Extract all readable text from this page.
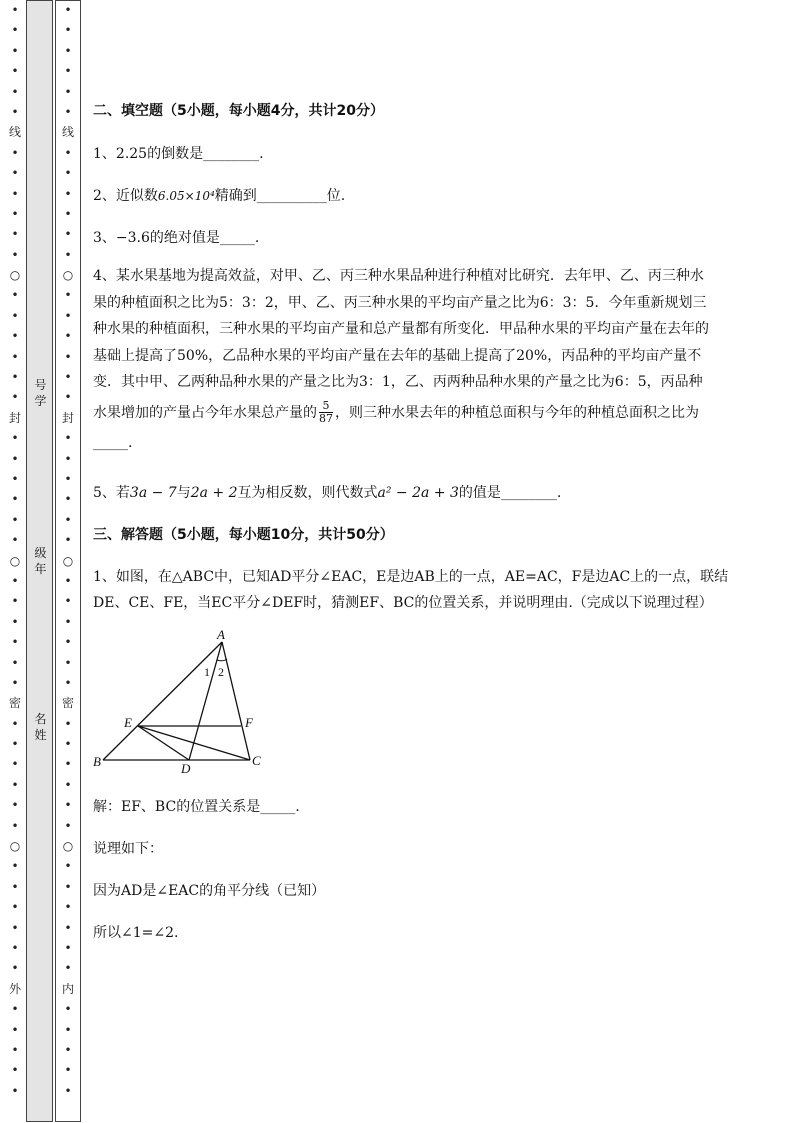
•
•
•
•
•
•
线
•
•
•
•
•
•
○
•
•
•
•
•
•
封
•
•
•
•
•
•
○
•
•
•
•
•
•
密
•
•
•
•
•
•
○
•
•
•
•
•
•
外
•
•
•
•
•
号
学
级
年
名
姓
•
•
•
•
•
•
线
•
•
•
•
•
•
○
•
•
•
•
•
•
封
•
•
•
•
•
•
○
•
•
•
•
•
•
密
•
•
•
•
•
•
○
•
•
•
•
•
•
内
•
•
•
•
•
二、填空题（5小题，每小题4分，共计20分）
1、2.25的倒数是________.
2、近似数6.05×10⁴精确到__________位.
3、−3.6的绝对值是_____.
4、某水果基地为提高效益，对甲、乙、丙三种水果品种进行种植对比研究．去年甲、乙、丙三种水
果的种植面积之比为5：3：2，甲、乙、丙三种水果的平均亩产量之比为6：3：5．今年重新规划三
种水果的种植面积，三种水果的平均亩产量和总产量都有所变化．甲品种水果的平均亩产量在去年的
基础上提高了50%，乙品种水果的平均亩产量在去年的基础上提高了20%，丙品种的平均亩产量不
变．其中甲、乙两种品种水果的产量之比为3：1，乙、丙两种品种水果的产量之比为6：5，丙品种
水果增加的产量占今年水果总产量的 $\frac{5}{87}$ ，则三种水果去年的种植总面积与今年的种植总面积之比为
_____.
5、若3a − 7与2a + 2互为相反数，则代数式a² − 2a + 3的值是________.
三、解答题（5小题，每小题10分，共计50分）
1、如图，在△ABC中，已知AD平分∠EAC，E是边AB上的一点，AE=AC，F是边AC上的一点，联结
DE、CE、FE，当EC平分∠DEF时，猜测EF、BC的位置关系，并说明理由.（完成以下说理过程）
A
B	C
D
E	F
1 2
解：EF、BC的位置关系是_____.
说理如下：
因为AD是∠EAC的角平分线（已知）
所以∠1=∠2.
